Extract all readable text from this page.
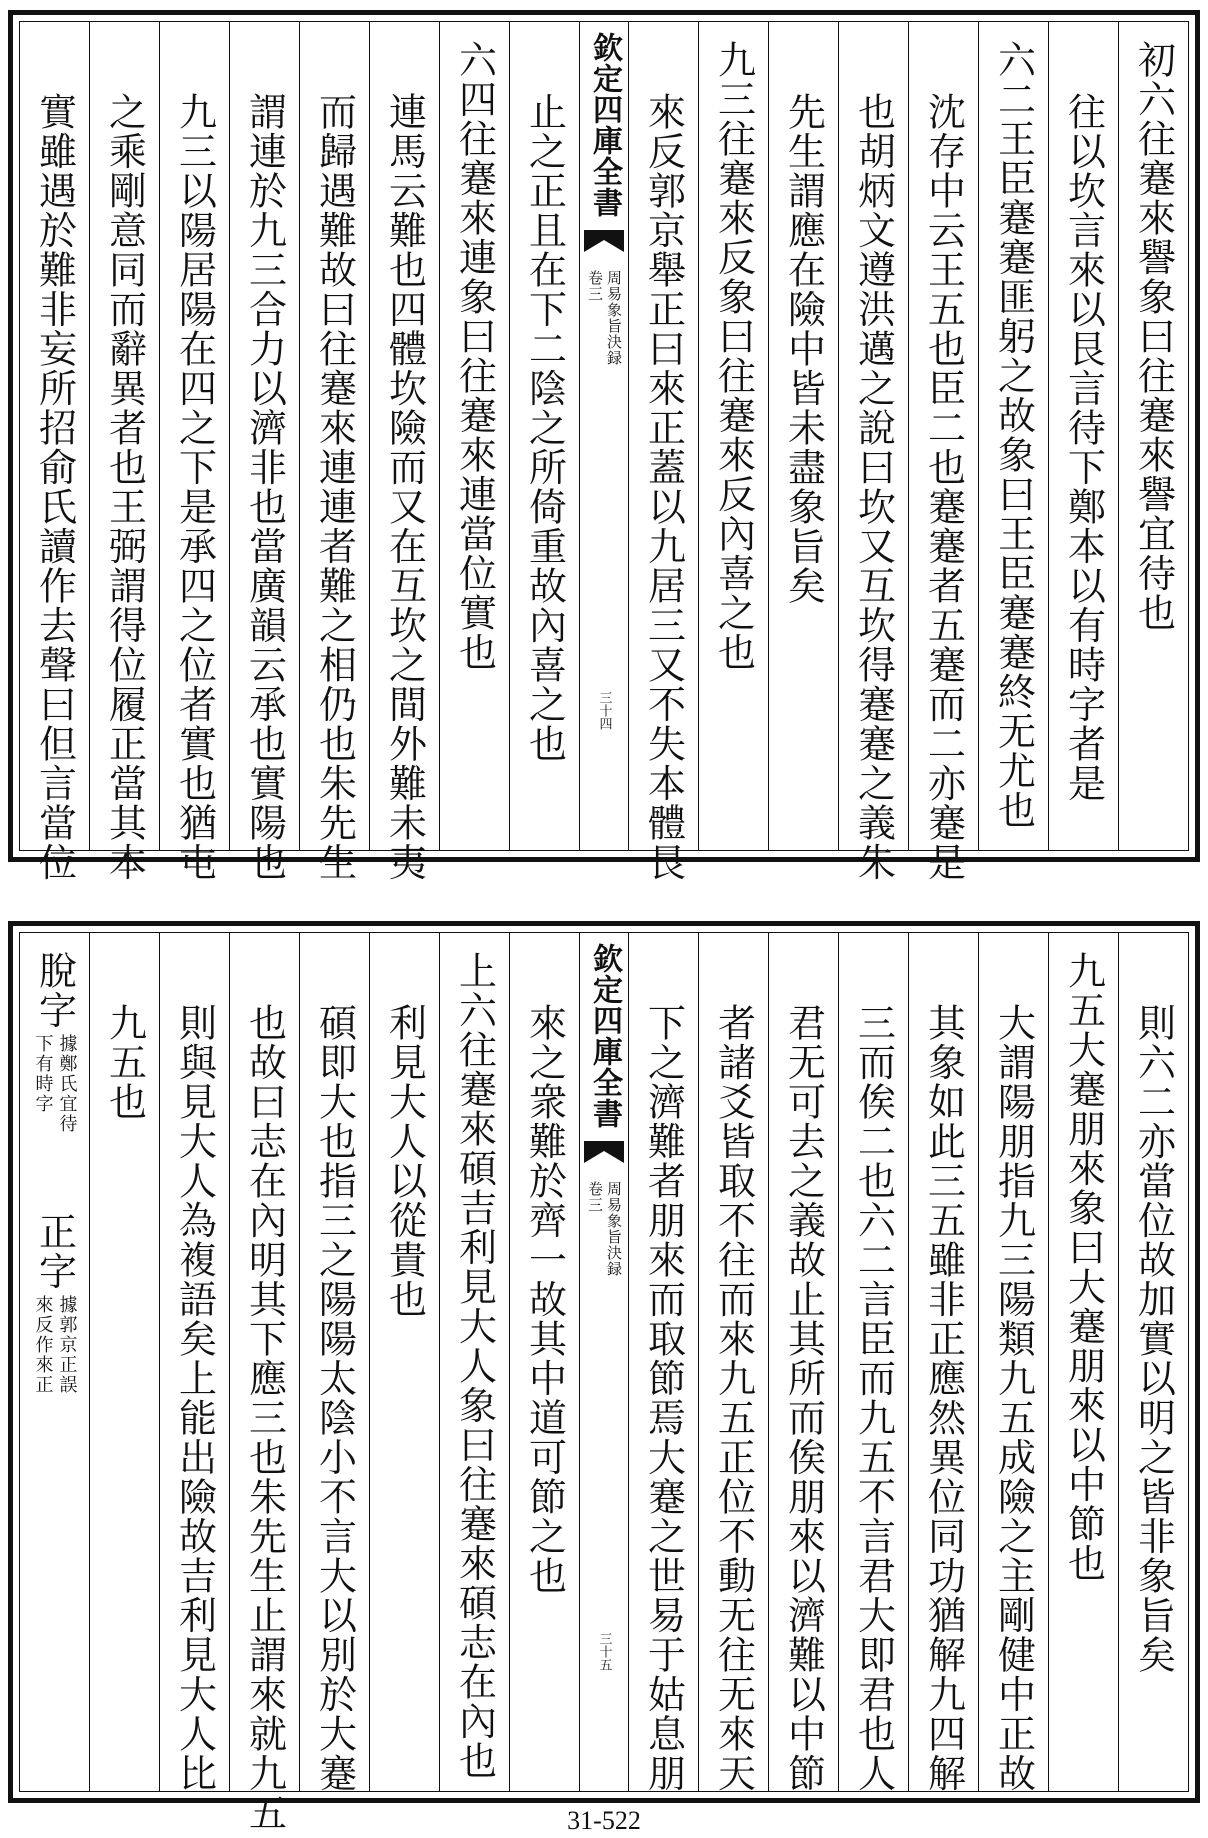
初六往蹇來譽象曰往蹇來譽宜待也
往以坎言來以艮言待下鄭本以有時字者是
六二王臣蹇蹇匪躬之故象曰王臣蹇蹇終无尤也
沈存中云王五也臣二也蹇蹇者五蹇而二亦蹇是
也胡炳文遵洪邁之說曰坎又互坎得蹇蹇之義朱
先生謂應在險中皆未盡象旨矣
九三往蹇來反象曰往蹇來反內喜之也
來反郭京舉正曰來正蓋以九居三又不失本體艮
欽定四庫全書
周易象旨決録
卷三
三十四
止之正且在下二陰之所倚重故內喜之也
六四往蹇來連象曰往蹇來連當位實也
連馬云難也四體坎險而又在互坎之間外難未夷
而歸遇難故曰往蹇來連連者難之相仍也朱先生
謂連於九三合力以濟非也當廣韻云承也實陽也
九三以陽居陽在四之下是承四之位者實也猶屯
之乘剛意同而辭異者也王弼謂得位履正當其本
實雖遇於難非妄所招俞氏讀作去聲曰但言當位
則六二亦當位故加實以明之皆非象旨矣
九五大蹇朋來象曰大蹇朋來以中節也
大謂陽朋指九三陽類九五成險之主剛健中正故
其象如此三五雖非正應然異位同功猶解九四解
三而俟二也六二言臣而九五不言君大即君也人
君无可去之義故止其所而俟朋來以濟難以中節
者諸爻皆取不往而來九五正位不動无往无來天
下之濟難者朋來而取節焉大蹇之世易于姑息朋
欽定四庫全書
周易象旨決録
卷三
三十五
來之衆難於齊一故其中道可節之也
上六往蹇來碩吉利見大人象曰往蹇來碩志在內也
利見大人以從貴也
碩即大也指三之陽陽太陰小不言大以別於大蹇
也故曰志在內明其下應三也朱先生止謂來就九五
則與見大人為複語矣上能出險故吉利見大人比
九五也
脫字
據鄭氏宜待
下有時字
正字
據郭京正誤
來反作來正
31-522
